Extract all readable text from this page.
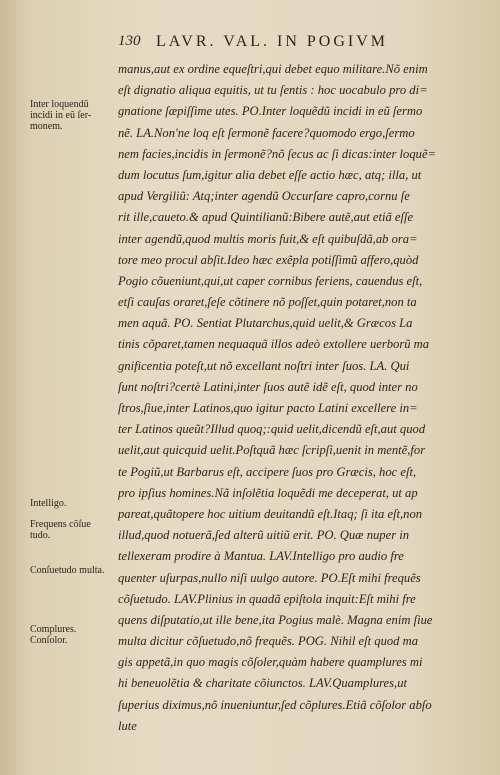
130 LAVR. VAL. IN POGIVM
manus,aut ex ordine equeſtri,qui debet equo militare.Nõ enim
eſt dignatio aliqua equitis, ut tu ſentis : hoc uocabulo pro di=
gnatione ſæpiſſime utes. PO.Inter loquẽdũ incidi in eũ ſermo
nẽ. LA.Non'ne loq eſt ſermonẽ facere?quomodo ergo,ſermo
nem facies,incidis in ſermonẽ?nõ ſecus ac ſi dicas:inter loquẽ=
dum locutus ſum,igitur alia debet eſſe actio hæc, atq; illa, ut
apud Vergiliũ: Atq;inter agendũ Occurſare capro,cornu ſe
rit ille,caueto.& apud Quintilianũ:Bibere autẽ,aut etiã eſſe
inter agendũ,quod multis moris fuit,& eſt quibuſdã,ab ora=
tore meo procul abſit.Ideo hæc exẽpla potiſſimũ affero,quòd
Pogio cõueniunt,qui,ut caper cornibus feriens, cauendus eſt,
etſi cauſas oraret,ſeſe cõtinere nõ poſſet,quin potaret,non ta
men aquã. PO. Sentiat Plutarchus,quid uelit,& Græcos La
tinis cõparet,tamen nequaquã illos adeò extollere uerborũ ma
gnificentia poteſt,ut nõ excellant noſtri inter ſuos. LA. Qui
ſunt noſtri?certè Latini,inter ſuos autẽ idẽ eſt, quod inter no
ſtros,ſiue,inter Latinos,quo igitur pacto Latini excellere in=
ter Latinos queũt?Illud quoq;:quid uelit,dicendũ eſt,aut quod
uelit,aut quicquid uelit.Poſtquã hæc ſcripſi,uenit in mentẽ,for
te Pogiũ,ut Barbarus eſt, accipere ſuos pro Græcis, hoc eſt,
pro ipſius homines.Nã inſolẽtia loquẽdi me deceperat, ut ap
pareat,quãtopere hoc uitium deuitandũ eſt.Itaq; ſi ita eſt,non
illud,quod notuerã,ſed alterũ uitiũ erit. PO. Quæ nuper in
tellexeram prodire à Mantua. LAV.Intelligo pro audio fre
quenter uſurpas,nullo niſi uulgo autore. PO.Eſt mihi frequẽs
cõſuetudo. LAV.Plinius in quadã epiſtola inquit:Eſt mihi fre
quens diſputatio,ut ille bene,ita Pogius malè. Magna enim ſiue
multa dicitur cõſuetudo,nõ frequẽs. POG. Nihil eſt quod ma
gis appetã,in quo magis cõſoler,quàm habere quamplures mi
hi beneuolẽtia & charitate cõiunctos. LAV.Quamplures,ut
ſuperius diximus,nõ inueniuntur,ſed cõplures.Etiã cõſolor abſo
lute
Inter loquendũ incidi in eũ ſer- monem.
Intelligo.
Frequens cõſue tudo.
Conſuetudo multa.
Complures. Conſolor.
